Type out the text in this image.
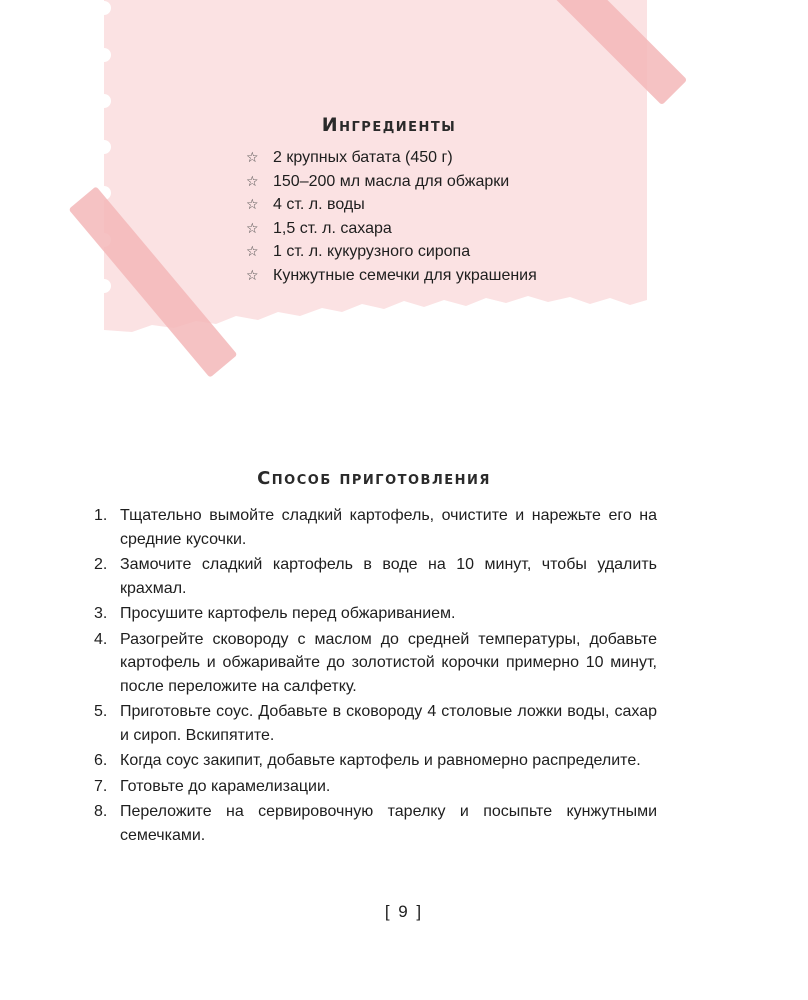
Ингредиенты
☆ 2 крупных батата (450 г)
☆ 150–200 мл масла для обжарки
☆ 4 ст. л. воды
☆ 1,5 ст. л. сахара
☆ 1 ст. л. кукурузного сиропа
☆ Кунжутные семечки для украшения
Способ приготовления
1. Тщательно вымойте сладкий картофель, очистите и нарежьте его на средние кусочки.
2. Замочите сладкий картофель в воде на 10 минут, чтобы удалить крахмал.
3. Просушите картофель перед обжариванием.
4. Разогрейте сковороду с маслом до средней температуры, добавьте картофель и обжаривайте до золотистой корочки примерно 10 минут, после переложите на салфетку.
5. Приготовьте соус. Добавьте в сковороду 4 столовые ложки воды, сахар и сироп. Вскипятите.
6. Когда соус закипит, добавьте картофель и равномерно распределите.
7. Готовьте до карамелизации.
8. Переложите на сервировочную тарелку и посыпьте кунжутными семечками.
[ 9 ]
